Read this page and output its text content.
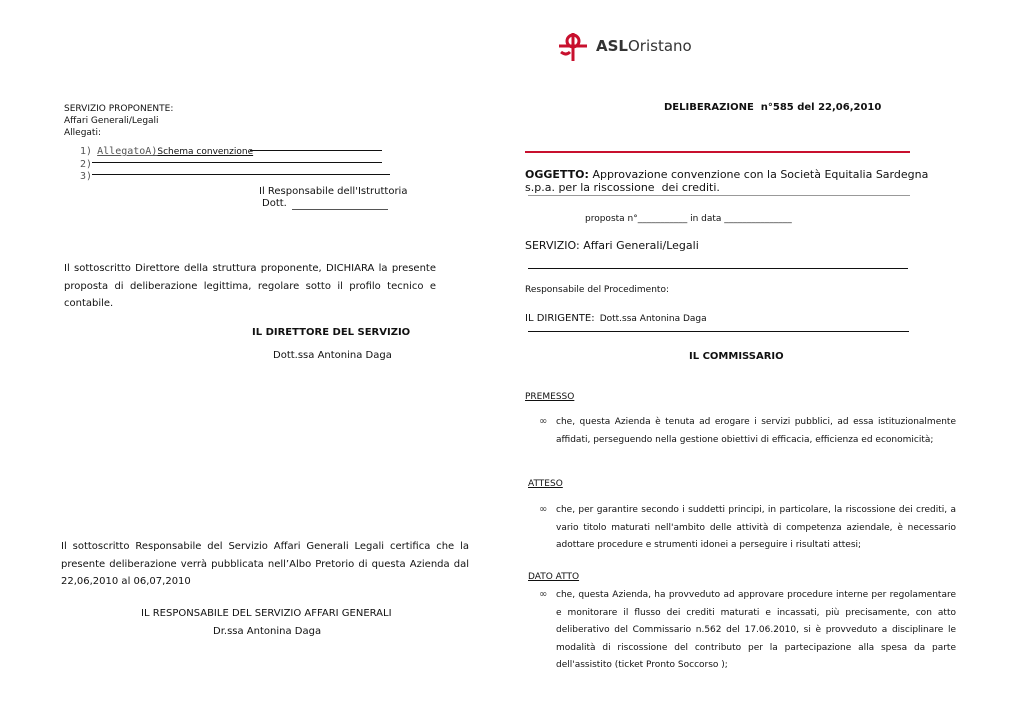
ASLOristano
SERVIZIO PROPONENTE:
Affari Generali/Legali
Allegati:
1) AllegatoA)Schema convenzione
2)
3)
Il Responsabile dell'Istruttoria
Dott.
Il sottoscritto Direttore della struttura proponente, DICHIARA la presente proposta di deliberazione legittima, regolare sotto il profilo tecnico e contabile.
IL DIRETTORE DEL SERVIZIO
Dott.ssa Antonina Daga
Il sottoscritto Responsabile del Servizio Affari Generali Legali certifica che la presente deliberazione verrà pubblicata nell’Albo Pretorio di questa Azienda dal 22,06,2010 al 06,07,2010
IL RESPONSABILE DEL SERVIZIO AFFARI GENERALI
Dr.ssa Antonina Daga
DELIBERAZIONE  n°585 del 22,06,2010
OGGETTO: Approvazione convenzione con la Società Equitalia Sardegna
s.p.a. per la riscossione  dei crediti.
proposta n°___________ in data _______________
SERVIZIO: Affari Generali/Legali
Responsabile del Procedimento:
IL DIRIGENTE: Dott.ssa Antonina Daga
IL COMMISSARIO
PREMESSO
∞ che, questa Azienda è tenuta ad erogare i servizi pubblici, ad essa istituzionalmente affidati, perseguendo nella gestione obiettivi di efficacia, efficienza ed economicità;
ATTESO
∞ che, per garantire secondo i suddetti principi, in particolare, la riscossione dei crediti, a vario titolo maturati nell'ambito delle attività di competenza aziendale, è necessario adottare procedure e strumenti idonei a perseguire i risultati attesi;
DATO ATTO
∞ che, questa Azienda, ha provveduto ad approvare procedure interne per regolamentare e monitorare il flusso dei crediti maturati e incassati, più precisamente, con atto deliberativo del Commissario n.562 del 17.06.2010, si è provveduto a disciplinare le modalità di riscossione del contributo per la partecipazione alla spesa da parte dell'assistito (ticket Pronto Soccorso );
